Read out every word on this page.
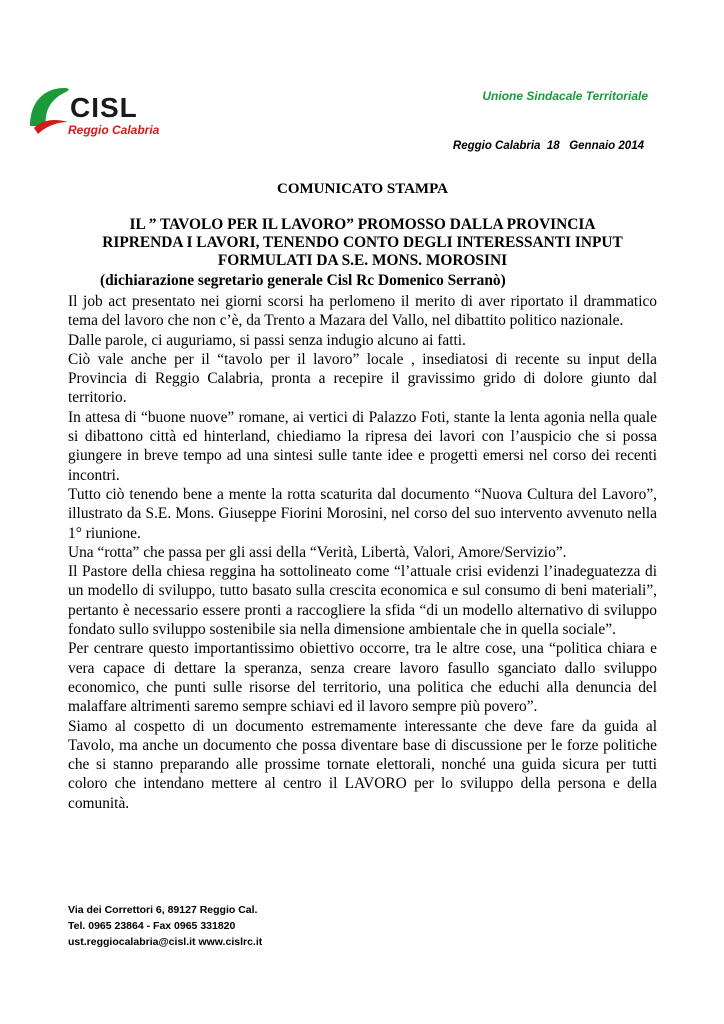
CISL
Reggio Calabria
Unione Sindacale Territoriale
Reggio Calabria  18   Gennaio 2014
COMUNICATO STAMPA
IL ” TAVOLO PER IL LAVORO” PROMOSSO DALLA PROVINCIA
RIPRENDA I LAVORI, TENENDO CONTO DEGLI INTERESSANTI INPUT
FORMULATI DA S.E. MONS. MOROSINI
(dichiarazione segretario generale Cisl Rc Domenico Serranò)

Il job act presentato nei giorni scorsi ha perlomeno il merito di aver riportato il drammatico tema del lavoro che non c’è, da Trento a Mazara del Vallo, nel dibattito politico nazionale.

Dalle parole, ci auguriamo, si passi senza indugio alcuno ai fatti.

Ciò vale anche per il “tavolo per il lavoro” locale , insediatosi di recente su input della Provincia di Reggio Calabria, pronta a recepire il gravissimo grido di dolore giunto dal territorio.

In attesa di “buone nuove” romane, ai vertici di Palazzo Foti, stante la lenta agonia nella quale si dibattono città ed hinterland, chiediamo la ripresa dei lavori con l’auspicio che si possa giungere in breve tempo ad una sintesi sulle tante idee e progetti emersi nel corso dei recenti incontri.

Tutto ciò tenendo bene a mente la rotta scaturita dal documento “Nuova Cultura del Lavoro”, illustrato da S.E. Mons. Giuseppe Fiorini Morosini, nel corso del suo intervento avvenuto nella 1° riunione.

Una “rotta” che passa per gli assi della “Verità, Libertà, Valori, Amore/Servizio”.

Il Pastore della chiesa reggina ha sottolineato come “l’attuale crisi evidenzi l’inadeguatezza di un modello di sviluppo, tutto basato sulla crescita economica e sul consumo di beni materiali”, pertanto è necessario essere pronti a raccogliere la sfida “di un modello alternativo di sviluppo fondato sullo sviluppo sostenibile sia nella dimensione ambientale che in quella sociale”.

Per centrare questo importantissimo obiettivo occorre, tra le altre cose, una “politica chiara e vera capace di dettare la speranza, senza creare lavoro fasullo sganciato dallo sviluppo economico, che punti sulle risorse del territorio, una politica che educhi alla denuncia del malaffare altrimenti saremo sempre schiavi ed il lavoro sempre più povero”.

Siamo al cospetto di un documento estremamente interessante che deve fare da guida al Tavolo, ma anche un documento che possa diventare base di discussione per le forze politiche che si stanno preparando alle prossime tornate elettorali, nonché una guida sicura per tutti coloro che intendano mettere al centro il LAVORO per lo sviluppo della persona e della comunità.

Via dei Correttori 6, 89127 Reggio Cal.
Tel. 0965 23864 - Fax 0965 331820
ust.reggiocalabria@cisl.it www.cislrc.it
